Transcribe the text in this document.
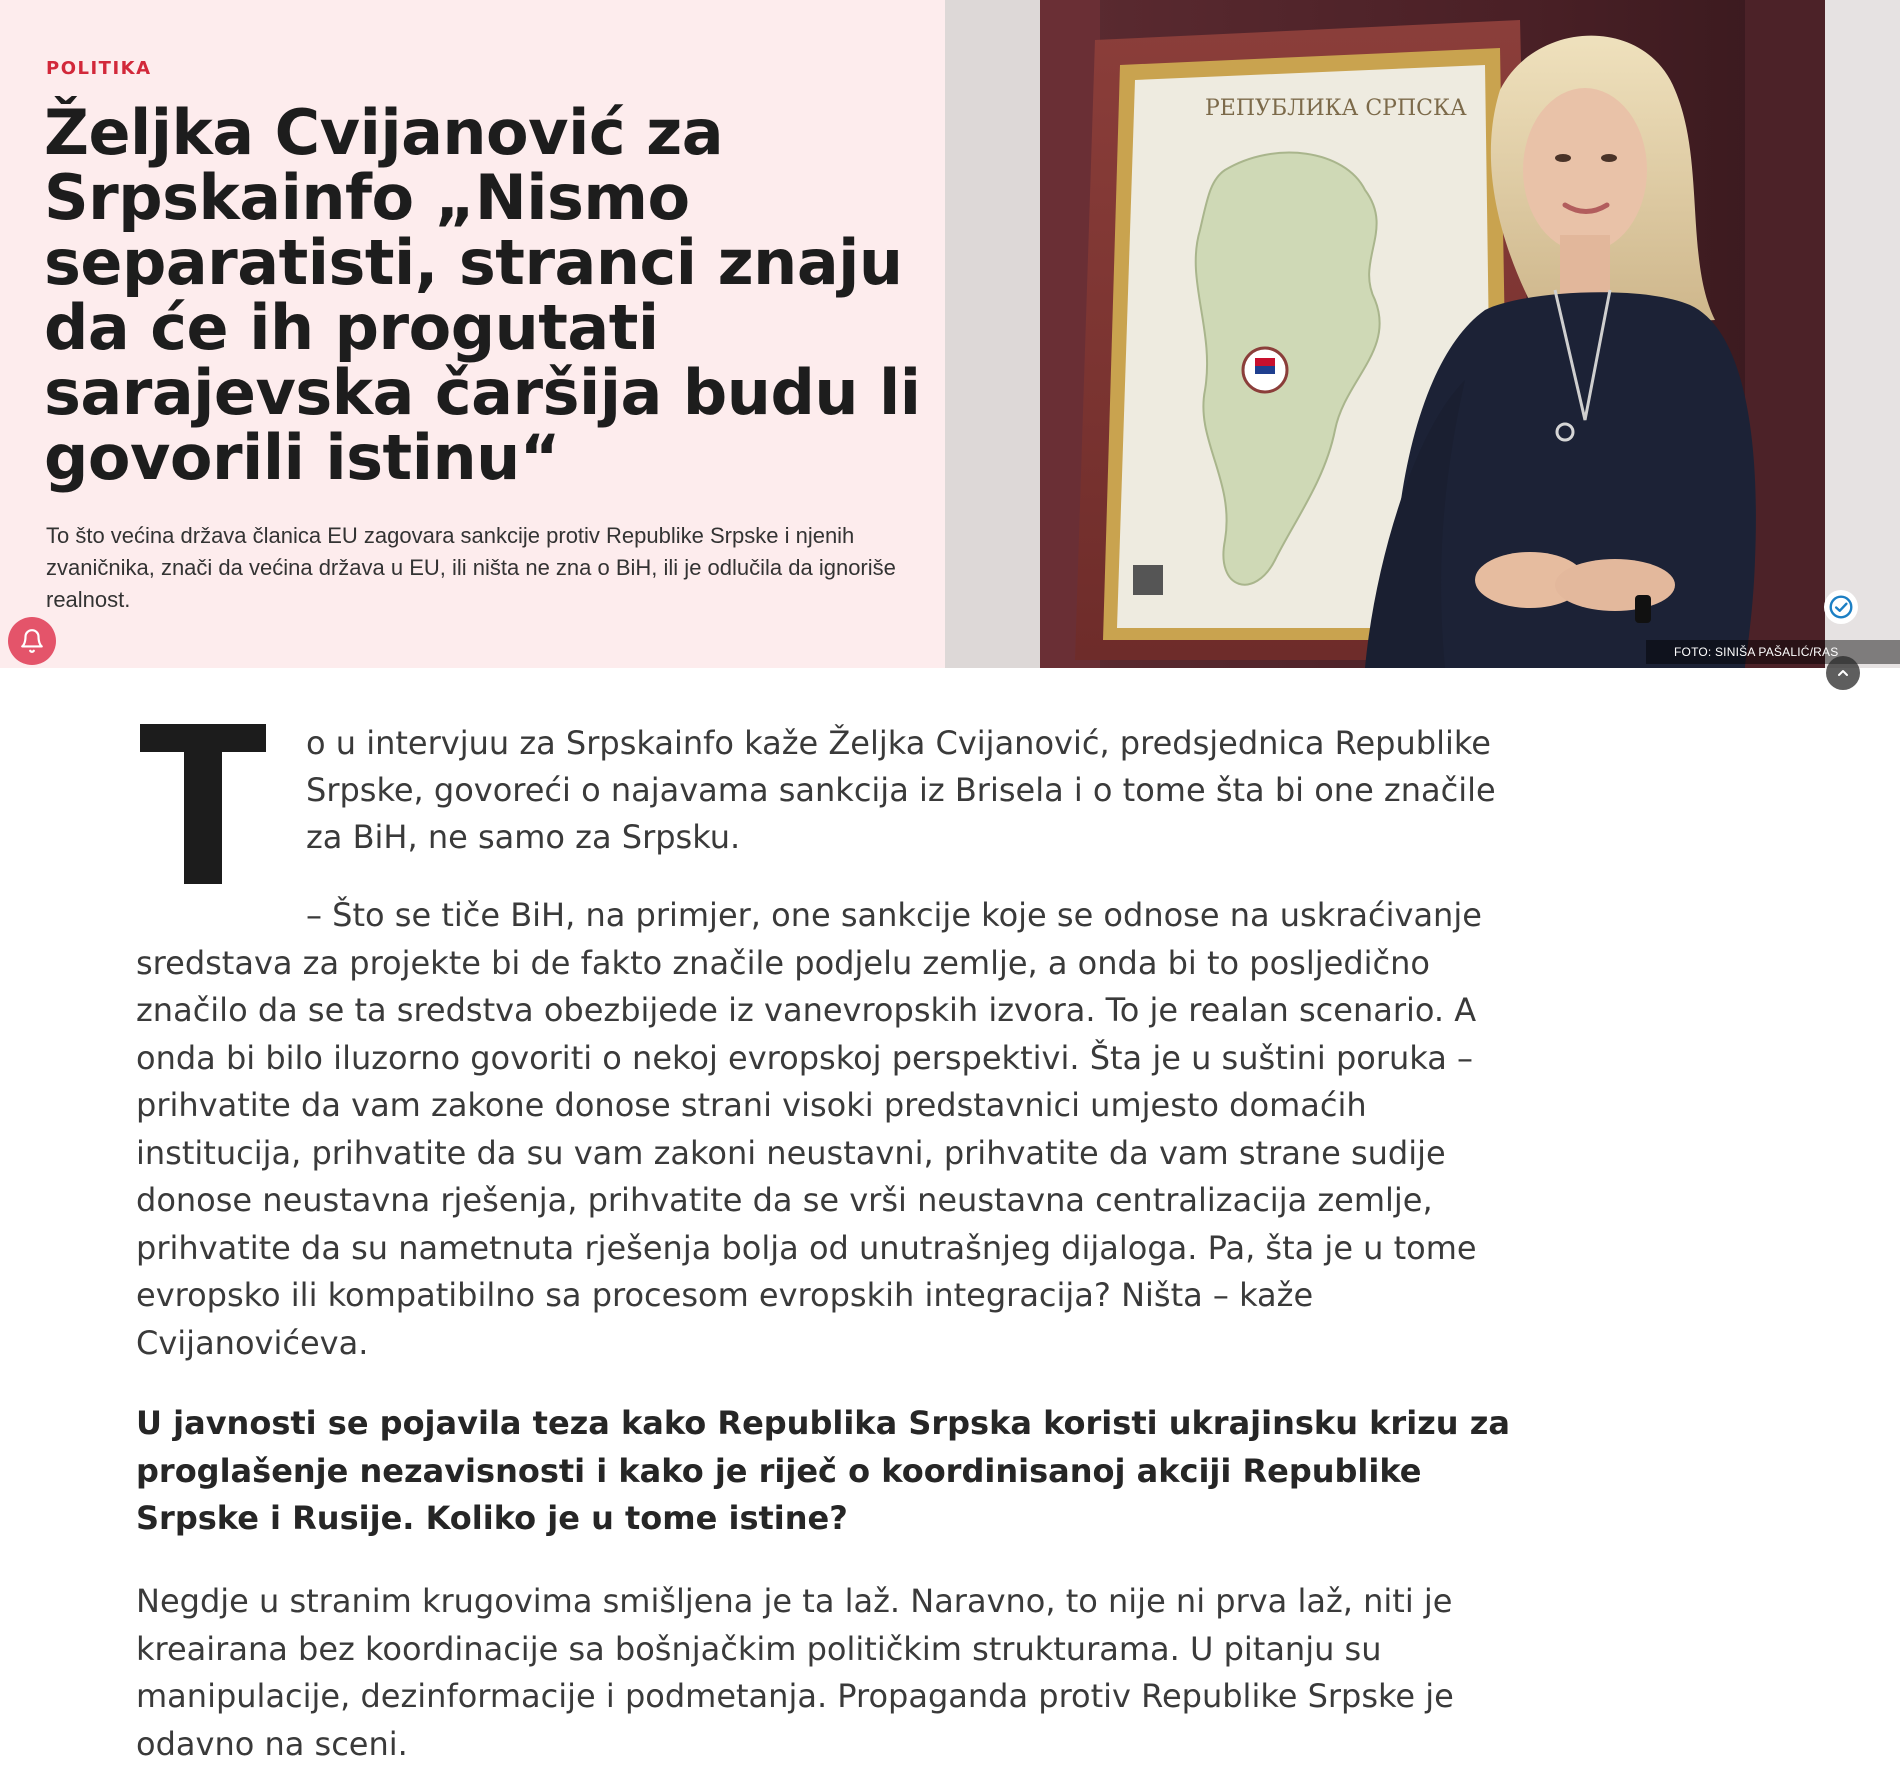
POLITIKA
Željka Cvijanović za Srpskainfo „Nismo separatisti, stranci znaju da će ih progutati sarajevska čaršija budu li govorili istinu“

To što većina država članica EU zagovara sankcije protiv Republike Srpske i njenih zvaničnika, znači da većina država u EU, ili ništa ne zna o BiH, ili je odlučila da ignoriše realnost.

РЕПУБЛИКА СРПСКА
FOTO: SINIŠA PAŠALIĆ/RAS SRBIJA

o u intervjuu za Srpskainfo kaže Željka Cvijanović, predsjednica Republike Srpske, govoreći o najavama sankcija iz Brisela i o tome šta bi one značile za BiH, ne samo za Srpsku.

– Što se tiče BiH, na primjer, one sankcije koje se odnose na uskraćivanje sredstava za projekte bi de fakto značile podjelu zemlje, a onda bi to posljedično značilo da se ta sredstva obezbijede iz vanevropskih izvora. To je realan scenario. A onda bi bilo iluzorno govoriti o nekoj evropskoj perspektivi. Šta je u suštini poruka – prihvatite da vam zakone donose strani visoki predstavnici umjesto domaćih institucija, prihvatite da su vam zakoni neustavni, prihvatite da vam strane sudije donose neustavna rješenja, prihvatite da se vrši neustavna centralizacija zemlje, prihvatite da su nametnuta rješenja bolja od unutrašnjeg dijaloga. Pa, šta je u tome evropsko ili kompatibilno sa procesom evropskih integracija? Ništa – kaže Cvijanovićeva.

U javnosti se pojavila teza kako Republika Srpska koristi ukrajinsku krizu za proglašenje nezavisnosti i kako je riječ o koordinisanoj akciji Republike Srpske i Rusije. Koliko je u tome istine?

Negdje u stranim krugovima smišljena je ta laž. Naravno, to nije ni prva laž, niti je kreairana bez koordinacije sa bošnjačkim političkim strukturama. U pitanju su manipulacije, dezinformacije i podmetanja. Propaganda protiv Republike Srpske je odavno na sceni.
